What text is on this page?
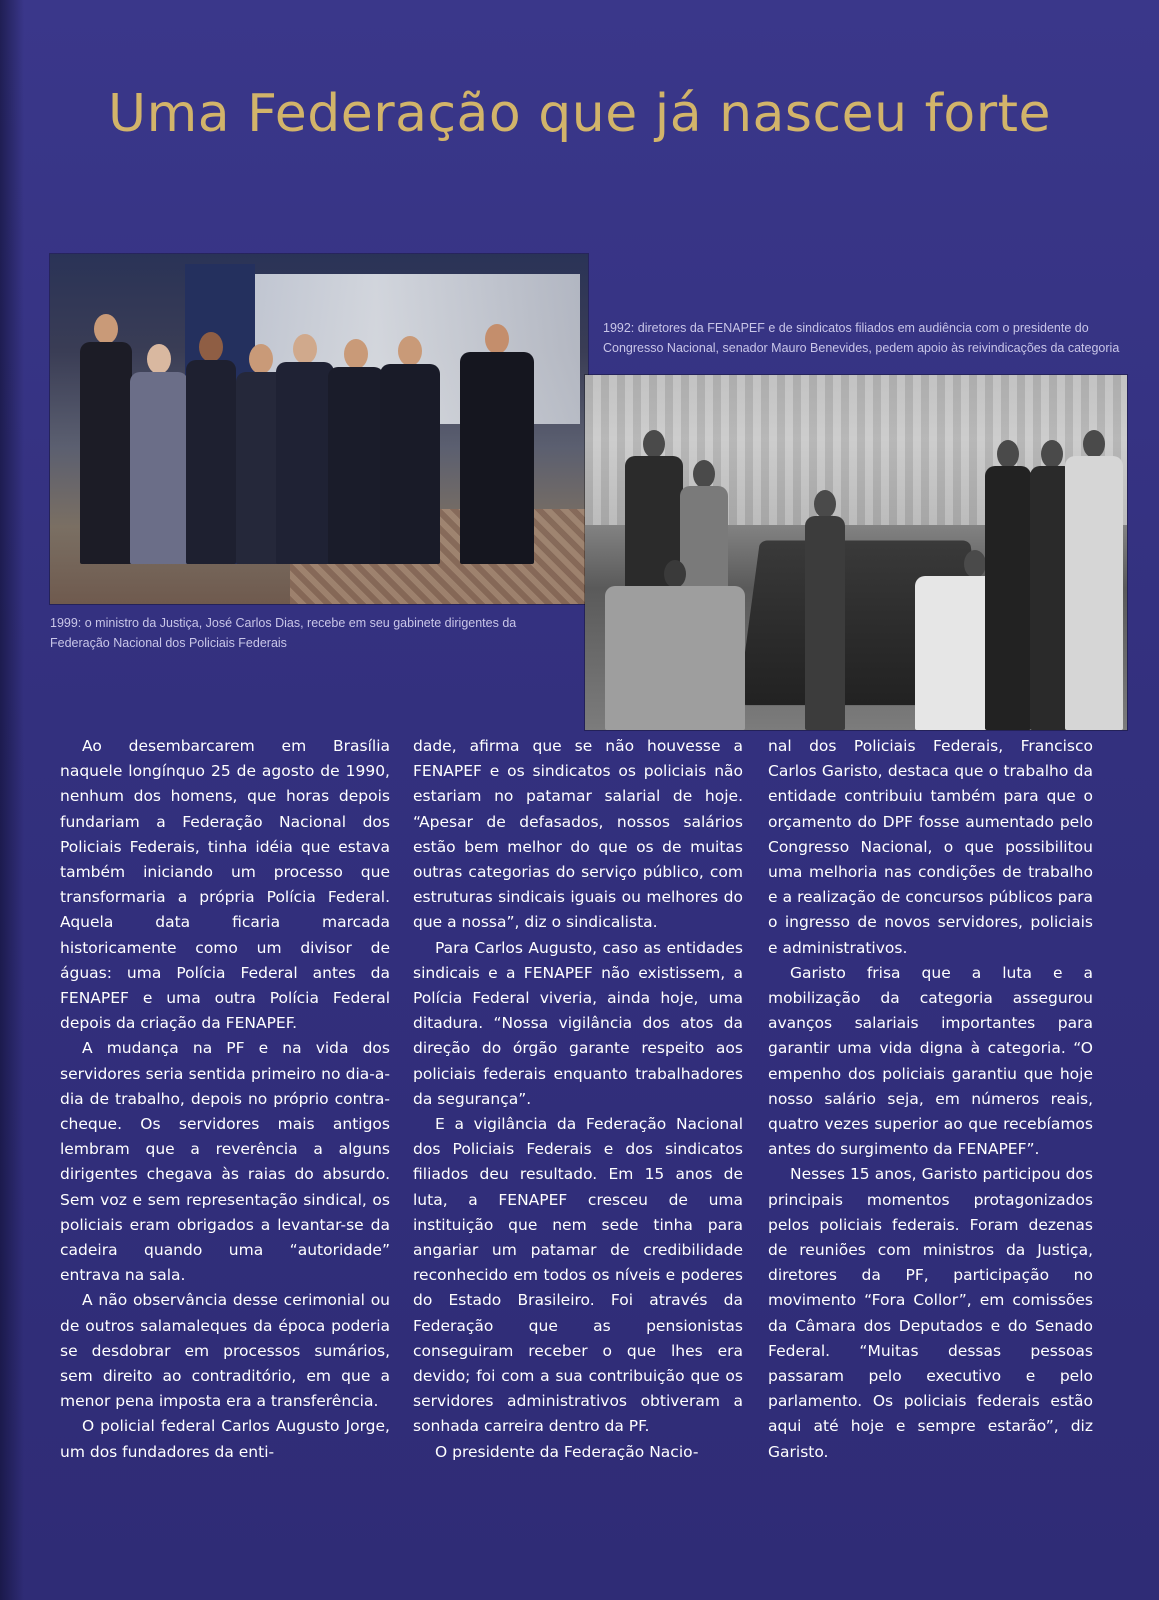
Uma Federação que já nasceu forte

1999: o ministro da Justiça, José Carlos Dias, recebe em seu gabinete dirigentes da Federação Nacional dos Policiais Federais

1992: diretores da FENAPEF e de sindicatos filiados em audiência com o presidente do Congresso Nacional, senador Mauro Benevides, pedem apoio às reivindicações da categoria

Ao desembarcarem em Brasília naquele longínquo 25 de agosto de 1990, nenhum dos homens, que horas depois fundariam a Federação Nacional dos Policiais Federais, tinha idéia que estava também iniciando um processo que transformaria a própria Polícia Federal. Aquela data ficaria marcada historicamente como um divisor de águas: uma Polícia Federal antes da FENAPEF e uma outra Polícia Federal depois da criação da FENAPEF.

A mudança na PF e na vida dos servidores seria sentida primeiro no dia-a-dia de trabalho, depois no próprio contra-cheque. Os servidores mais antigos lembram que a reverência a alguns dirigentes chegava às raias do absurdo. Sem voz e sem representação sindical, os policiais eram obrigados a levantar-se da cadeira quando uma “autoridade” entrava na sala.

A não observância desse cerimonial ou de outros salamaleques da época poderia se desdobrar em processos sumários, sem direito ao contraditório, em que a menor pena imposta era a transferência.

O policial federal Carlos Augusto Jorge, um dos fundadores da enti-

dade, afirma que se não houvesse a FENAPEF e os sindicatos os policiais não estariam no patamar salarial de hoje. “Apesar de defasados, nossos salários estão bem melhor do que os de muitas outras categorias do serviço público, com estruturas sindicais iguais ou melhores do que a nossa”, diz o sindicalista.

Para Carlos Augusto, caso as entidades sindicais e a FENAPEF não existissem, a Polícia Federal viveria, ainda hoje, uma ditadura. “Nossa vigilância dos atos da direção do órgão garante respeito aos policiais federais enquanto trabalhadores da segurança”.

E a vigilância da Federação Nacional dos Policiais Federais e dos sindicatos filiados deu resultado. Em 15 anos de luta, a FENAPEF cresceu de uma instituição que nem sede tinha para angariar um patamar de credibilidade reconhecido em todos os níveis e poderes do Estado Brasileiro. Foi através da Federação que as pensionistas conseguiram receber o que lhes era devido; foi com a sua contribuição que os servidores administrativos obtiveram a sonhada carreira dentro da PF.

O presidente da Federação Nacio-

nal dos Policiais Federais, Francisco Carlos Garisto, destaca que o trabalho da entidade contribuiu também para que o orçamento do DPF fosse aumentado pelo Congresso Nacional, o que possibilitou uma melhoria nas condições de trabalho e a realização de concursos públicos para o ingresso de novos servidores, policiais e administrativos.

Garisto frisa que a luta e a mobilização da categoria assegurou avanços salariais importantes para garantir uma vida digna à categoria. “O empenho dos policiais garantiu que hoje nosso salário seja, em números reais, quatro vezes superior ao que recebíamos antes do surgimento da FENAPEF”.

Nesses 15 anos, Garisto participou dos principais momentos protagonizados pelos policiais federais. Foram dezenas de reuniões com ministros da Justiça, diretores da PF, participação no movimento “Fora Collor”, em comissões da Câmara dos Deputados e do Senado Federal. “Muitas dessas pessoas passaram pelo executivo e pelo parlamento. Os policiais federais estão aqui até hoje e sempre estarão”, diz Garisto.
